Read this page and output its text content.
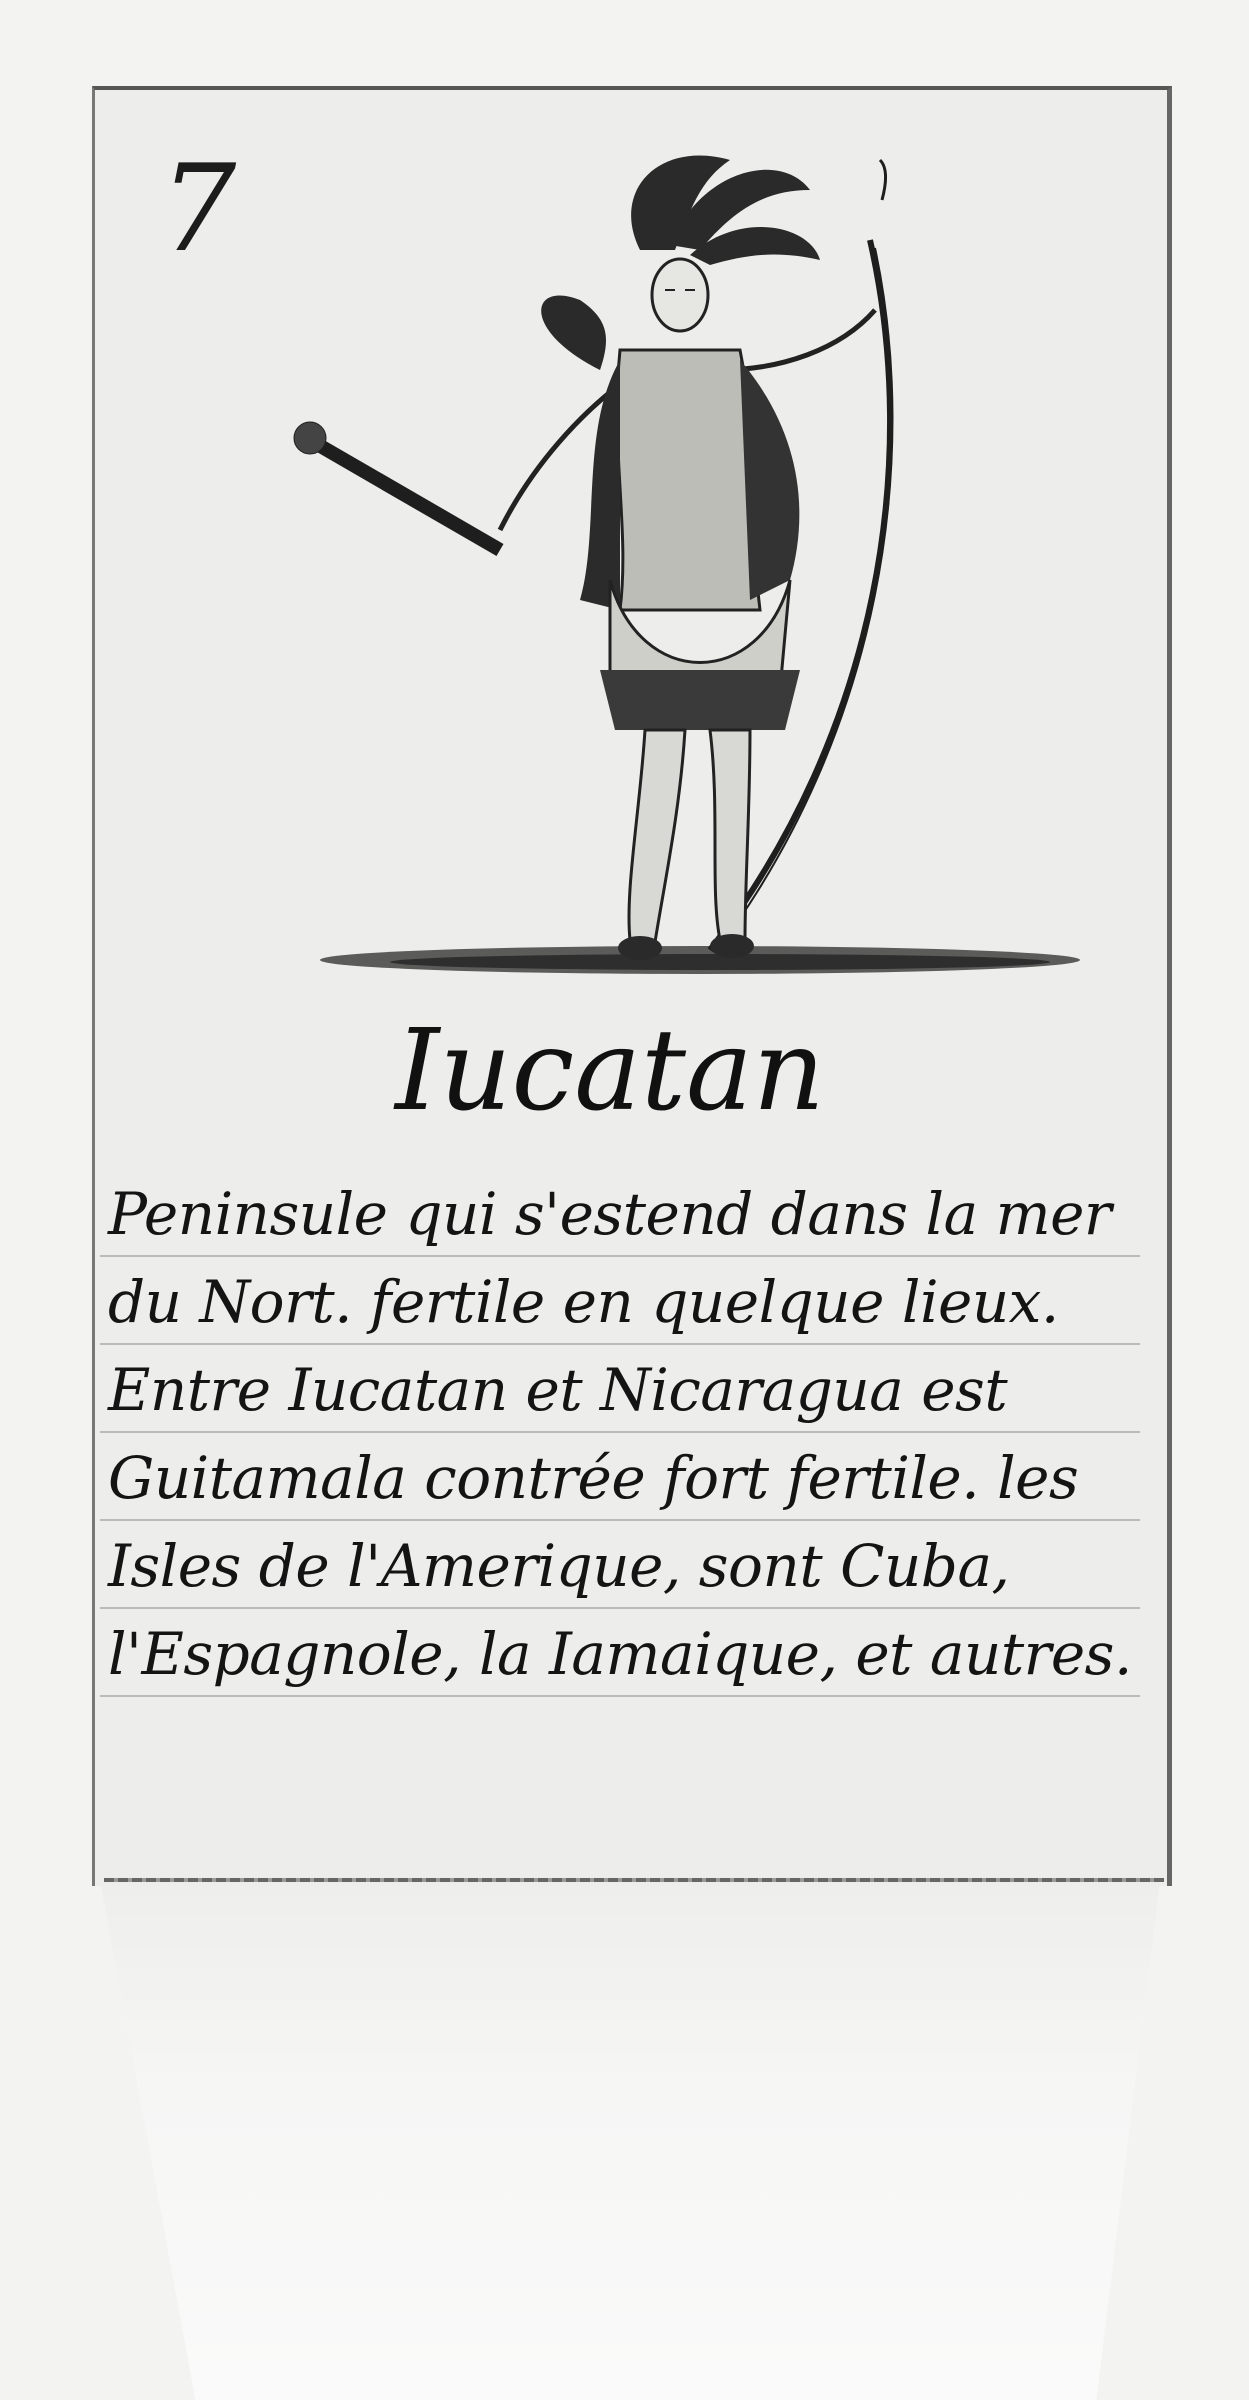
7
Iucatan
Peninsule qui s'estend dans la mer
du Nort. fertile en quelque lieux.
Entre Iucatan et Nicaragua est
Guitamala contrée fort fertile. les
Isles de l'Amerique, sont Cuba,
l'Espagnole, la Iamaique, et autres.
